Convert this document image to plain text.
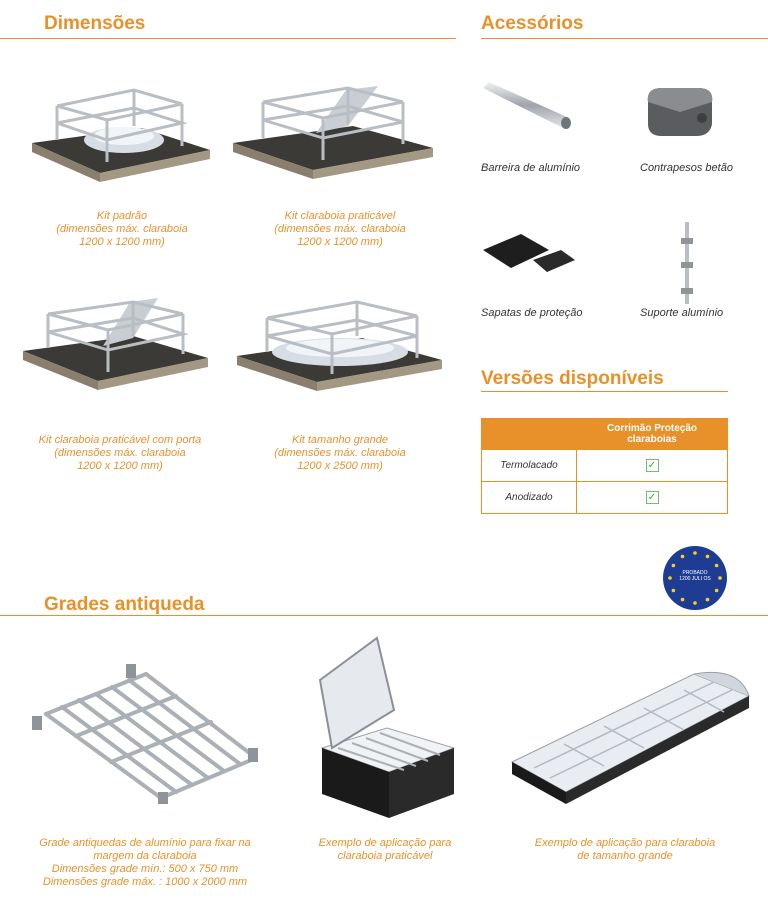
Dimensões	Acessórios
Versões disponíveis
Grades antiqueda
Kit padrão
(dimensões máx. claraboia
1200 x 1200 mm)
Kit claraboia praticável
(dimensões máx. claraboia
1200 x 1200 mm)
Kit claraboia praticável com porta
(dimensões máx. claraboia
1200 x 1200 mm)
Kit tamanho grande
(dimensões máx. claraboia
1200 x 2500 mm)
Barreira de alumínio	Contrapesos betão
Sapatas de proteção	Suporte alumínio
	Corrimão Proteção claraboias
Termolacado	✓
Anodizado	✓
PROBADO
1200 JULI OS
Grade antiquedas de alumínio para fixar na
margem da claraboia
Dimensões grade mín.: 500 x 750 mm
Dimensões grade máx. : 1000 x 2000 mm
Exemplo de aplicação para
claraboia praticável
Exemplo de aplicação para claraboia
de tamanho grande
